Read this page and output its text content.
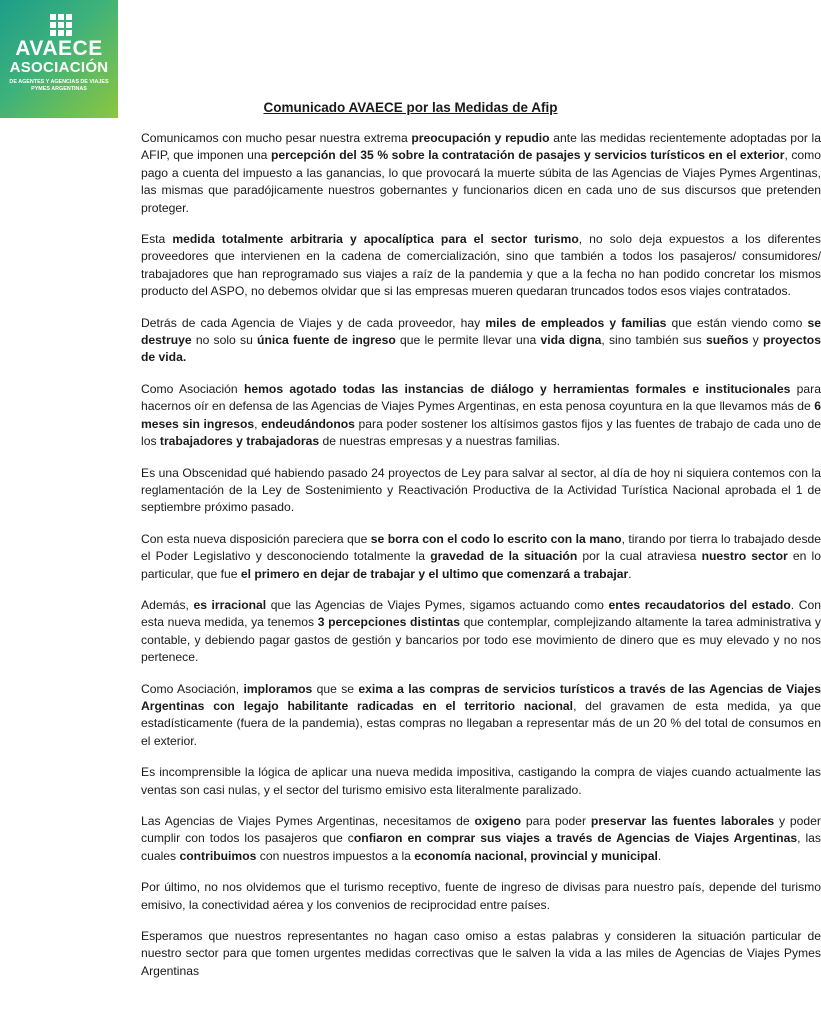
AVAECE
ASOCIACIÓN
DE AGENTES Y AGENCIAS DE VIAJES PYMES ARGENTINAS
Comunicado AVAECE por las Medidas de Afip

Comunicamos con mucho pesar nuestra extrema preocupación y repudio ante las medidas recientemente adoptadas por la AFIP, que imponen una percepción del 35 % sobre la contratación de pasajes y servicios turísticos en el exterior, como pago a cuenta del impuesto a las ganancias, lo que provocará la muerte súbita de las Agencias de Viajes Pymes Argentinas, las mismas que paradójicamente nuestros gobernantes y funcionarios dicen en cada uno de sus discursos que pretenden proteger.

Esta medida totalmente arbitraria y apocalíptica para el sector turismo, no solo deja expuestos a los diferentes proveedores que intervienen en la cadena de comercialización, sino que también a todos los pasajeros/ consumidores/ trabajadores que han reprogramado sus viajes a raíz de la pandemia y que a la fecha no han podido concretar los mismos producto del ASPO, no debemos olvidar que si las empresas mueren quedaran truncados todos esos viajes contratados.

Detrás de cada Agencia de Viajes y de cada proveedor, hay miles de empleados y familias que están viendo como se destruye no solo su única fuente de ingreso que le permite llevar una vida digna, sino también sus sueños y proyectos de vida.

Como Asociación hemos agotado todas las instancias de diálogo y herramientas formales e institucionales para hacernos oír en defensa de las Agencias de Viajes Pymes Argentinas, en esta penosa coyuntura en la que llevamos más de 6 meses sin ingresos, endeudándonos para poder sostener los altísimos gastos fijos y las fuentes de trabajo de cada uno de los trabajadores y trabajadoras de nuestras empresas y a nuestras familias.

Es una Obscenidad qué habiendo pasado 24 proyectos de Ley para salvar al sector, al día de hoy ni siquiera contemos con la reglamentación de la Ley de Sostenimiento y Reactivación Productiva de la Actividad Turística Nacional aprobada el 1 de septiembre próximo pasado.

Con esta nueva disposición pareciera que se borra con el codo lo escrito con la mano, tirando por tierra lo trabajado desde el Poder Legislativo y desconociendo totalmente la gravedad de la situación por la cual atraviesa nuestro sector en lo particular, que fue el primero en dejar de trabajar y el ultimo que comenzará a trabajar.

Además, es irracional que las Agencias de Viajes Pymes, sigamos actuando como entes recaudatorios del estado. Con esta nueva medida, ya tenemos 3 percepciones distintas que contemplar, complejizando altamente la tarea administrativa y contable, y debiendo pagar gastos de gestión y bancarios por todo ese movimiento de dinero que es muy elevado y no nos pertenece.

Como Asociación, imploramos que se exima a las compras de servicios turísticos a través de las Agencias de Viajes Argentinas con legajo habilitante radicadas en el territorio nacional, del gravamen de esta medida, ya que estadísticamente (fuera de la pandemia), estas compras no llegaban a representar más de un 20 % del total de consumos en el exterior.

Es incomprensible la lógica de aplicar una nueva medida impositiva, castigando la compra de viajes cuando actualmente las ventas son casi nulas, y el sector del turismo emisivo esta literalmente paralizado.

Las Agencias de Viajes Pymes Argentinas, necesitamos de oxigeno para poder preservar las fuentes laborales y poder cumplir con todos los pasajeros que confiaron en comprar sus viajes a través de Agencias de Viajes Argentinas, las cuales contribuimos con nuestros impuestos a la economía nacional, provincial y municipal.

Por último, no nos olvidemos que el turismo receptivo, fuente de ingreso de divisas para nuestro país, depende del turismo emisivo, la conectividad aérea y los convenios de reciprocidad entre países.

Esperamos que nuestros representantes no hagan caso omiso a estas palabras y consideren la situación particular de nuestro sector para que tomen urgentes medidas correctivas que le salven la vida a las miles de Agencias de Viajes Pymes Argentinas
